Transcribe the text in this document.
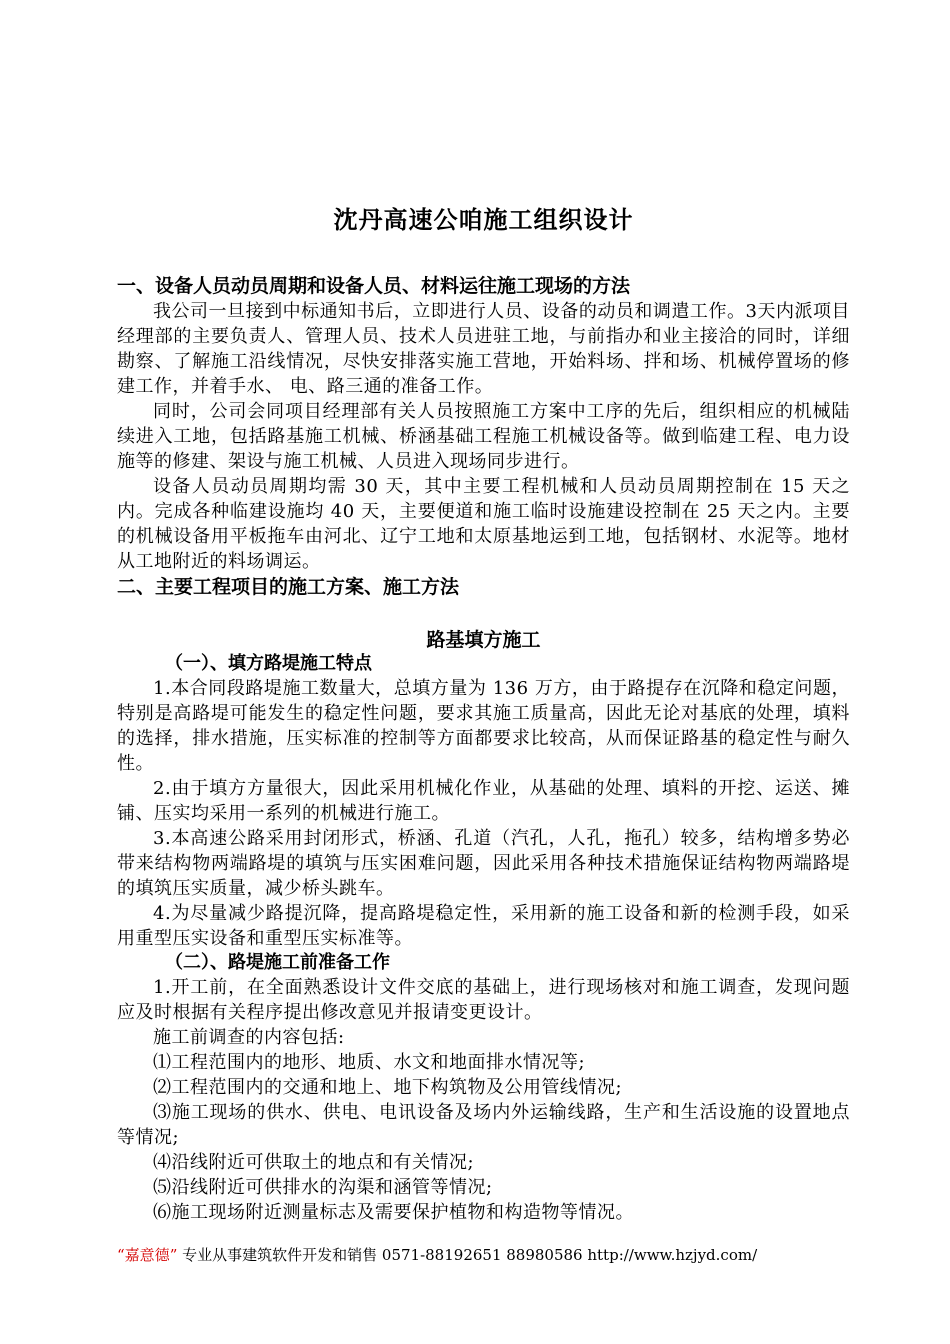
沈丹高速公咱施工组织设计

一、设备人员动员周期和设备人员、材料运往施工现场的方法

我公司一旦接到中标通知书后，立即进行人员、设备的动员和调遣工作。3天内派项目经理部的主要负责人、管理人员、技术人员进驻工地，与前指办和业主接洽的同时，详细勘察、了解施工沿线情况，尽快安排落实施工营地，开始料场、拌和场、机械停置场的修建工作，并着手水、 电、路三通的准备工作。

同时，公司会同项目经理部有关人员按照施工方案中工序的先后，组织相应的机械陆续进入工地，包括路基施工机械、桥涵基础工程施工机械设备等。做到临建工程、电力设施等的修建、架设与施工机械、人员进入现场同步进行。

设备人员动员周期均需 30 天，其中主要工程机械和人员动员周期控制在 15 天之内。完成各种临建设施均 40 天，主要便道和施工临时设施建设控制在 25 天之内。主要的机械设备用平板拖车由河北、辽宁工地和太原基地运到工地，包括钢材、水泥等。地材从工地附近的料场调运。

二、主要工程项目的施工方案、施工方法

路基填方施工

（一）、填方路堤施工特点

1.本合同段路堤施工数量大，总填方量为 136 万方，由于路提存在沉降和稳定问题，特别是高路堤可能发生的稳定性问题，要求其施工质量高，因此无论对基底的处理，填料的选择，排水措施，压实标准的控制等方面都要求比较高，从而保证路基的稳定性与耐久性。

2.由于填方方量很大，因此采用机械化作业，从基础的处理、填料的开挖、运送、摊铺、压实均采用一系列的机械进行施工。

3.本高速公路采用封闭形式，桥涵、孔道（汽孔，人孔，拖孔）较多，结构增多势必带来结构物两端路堤的填筑与压实困难问题，因此采用各种技术措施保证结构物两端路堤的填筑压实质量，减少桥头跳车。

4.为尽量减少路提沉降，提高路堤稳定性，采用新的施工设备和新的检测手段，如采用重型压实设备和重型压实标准等。

（二）、路堤施工前准备工作

1.开工前，在全面熟悉设计文件交底的基础上，进行现场核对和施工调查，发现问题应及时根据有关程序提出修改意见并报请变更设计。

施工前调查的内容包括:

⑴工程范围内的地形、地质、水文和地面排水情况等;

⑵工程范围内的交通和地上、地下构筑物及公用管线情况;

⑶施工现场的供水、供电、电讯设备及场内外运输线路，生产和生活设施的设置地点等情况;

⑷沿线附近可供取土的地点和有关情况;

⑸沿线附近可供排水的沟渠和涵管等情况;

⑹施工现场附近测量标志及需要保护植物和构造物等情况。

“嘉意德” 专业从事建筑软件开发和销售 0571-88192651 88980586 http://www.hzjyd.com/
